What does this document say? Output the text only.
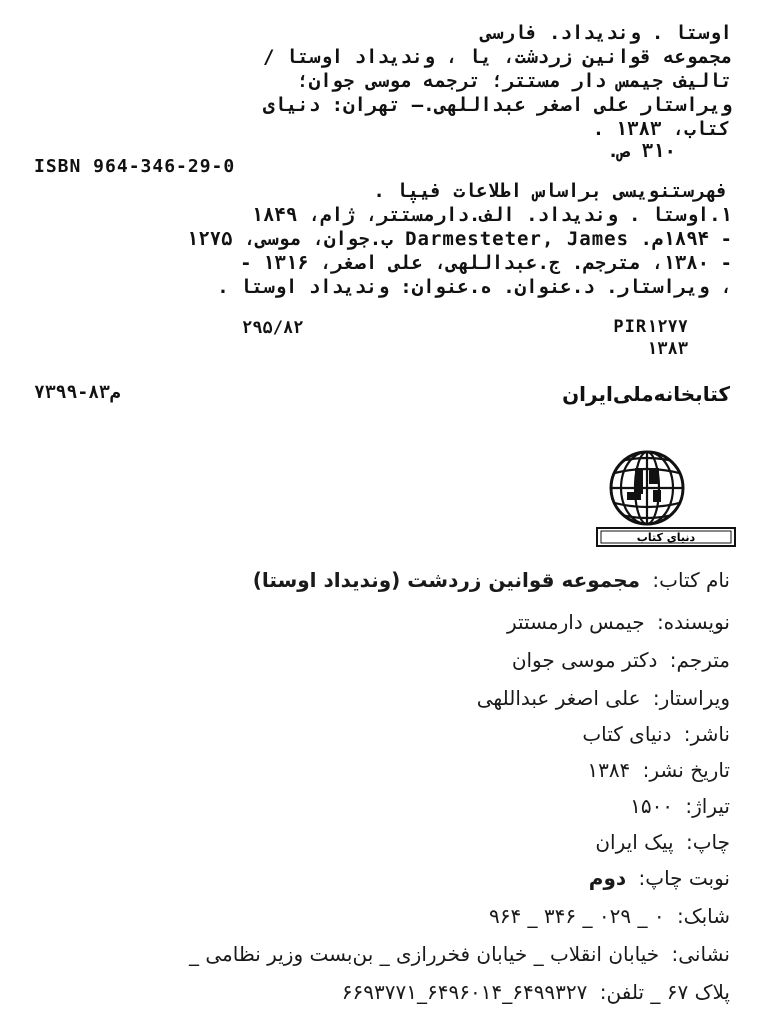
اوستا . وندیداد. فارسی
مجموعه قوانین زردشت، یا ، وندیداد اوستا /
تالیف جیمس دار مستتر؛ ترجمه موسی جوان؛
ویراستار علی اصغر عبداللهی.— تهران: دنیای
کتاب، ۱۳۸۳ .
۳۱۰ ص.
ISBN 964-346-29-0
فهرستنویسی براساس اطلاعات فیپا .
۱.اوستا . وندیداد. الف.دارمستتر، ژام، ۱۸۴۹
- ۱۸۹۴م. Darmesteter, James ب.جوان، موسی، ۱۲۷۵
- ۱۳۸۰، مترجم. ج.عبداللهی، علی اصغر، ۱۳۱۶ -
، ویراستار. د.عنوان. ه.عنوان: وندیداد اوستا .
۲۹۵/۸۲	PIR۱۲۷۷
۱۳۸۳
کتابخانه‌ملی‌ایران
م۸۳-۷۳۹۹
دنیای کتاب
نام کتاب: مجموعه قوانین زردشت (وندیداد اوستا)
نویسنده: جیمس دارمستتر
مترجم: دکتر موسی جوان
ویراستار: علی اصغر عبداللهی
ناشر: دنیای کتاب
تاریخ نشر: ۱۳۸۴
تیراژ: ۱۵۰۰
چاپ: پیک ایران
نوبت چاپ: دوم
شابک: ۰ _ ۰۲۹ _ ۳۴۶ _ ۹۶۴
نشانی: خیابان انقلاب _ خیابان فخررازی _ بن‌بست وزیر نظامی _
پلاک ۶۷ _ تلفن: ۶۴۹۹۳۲۷_۶۴۹۶۰۱۴_۶۶۹۳۷۷۱
